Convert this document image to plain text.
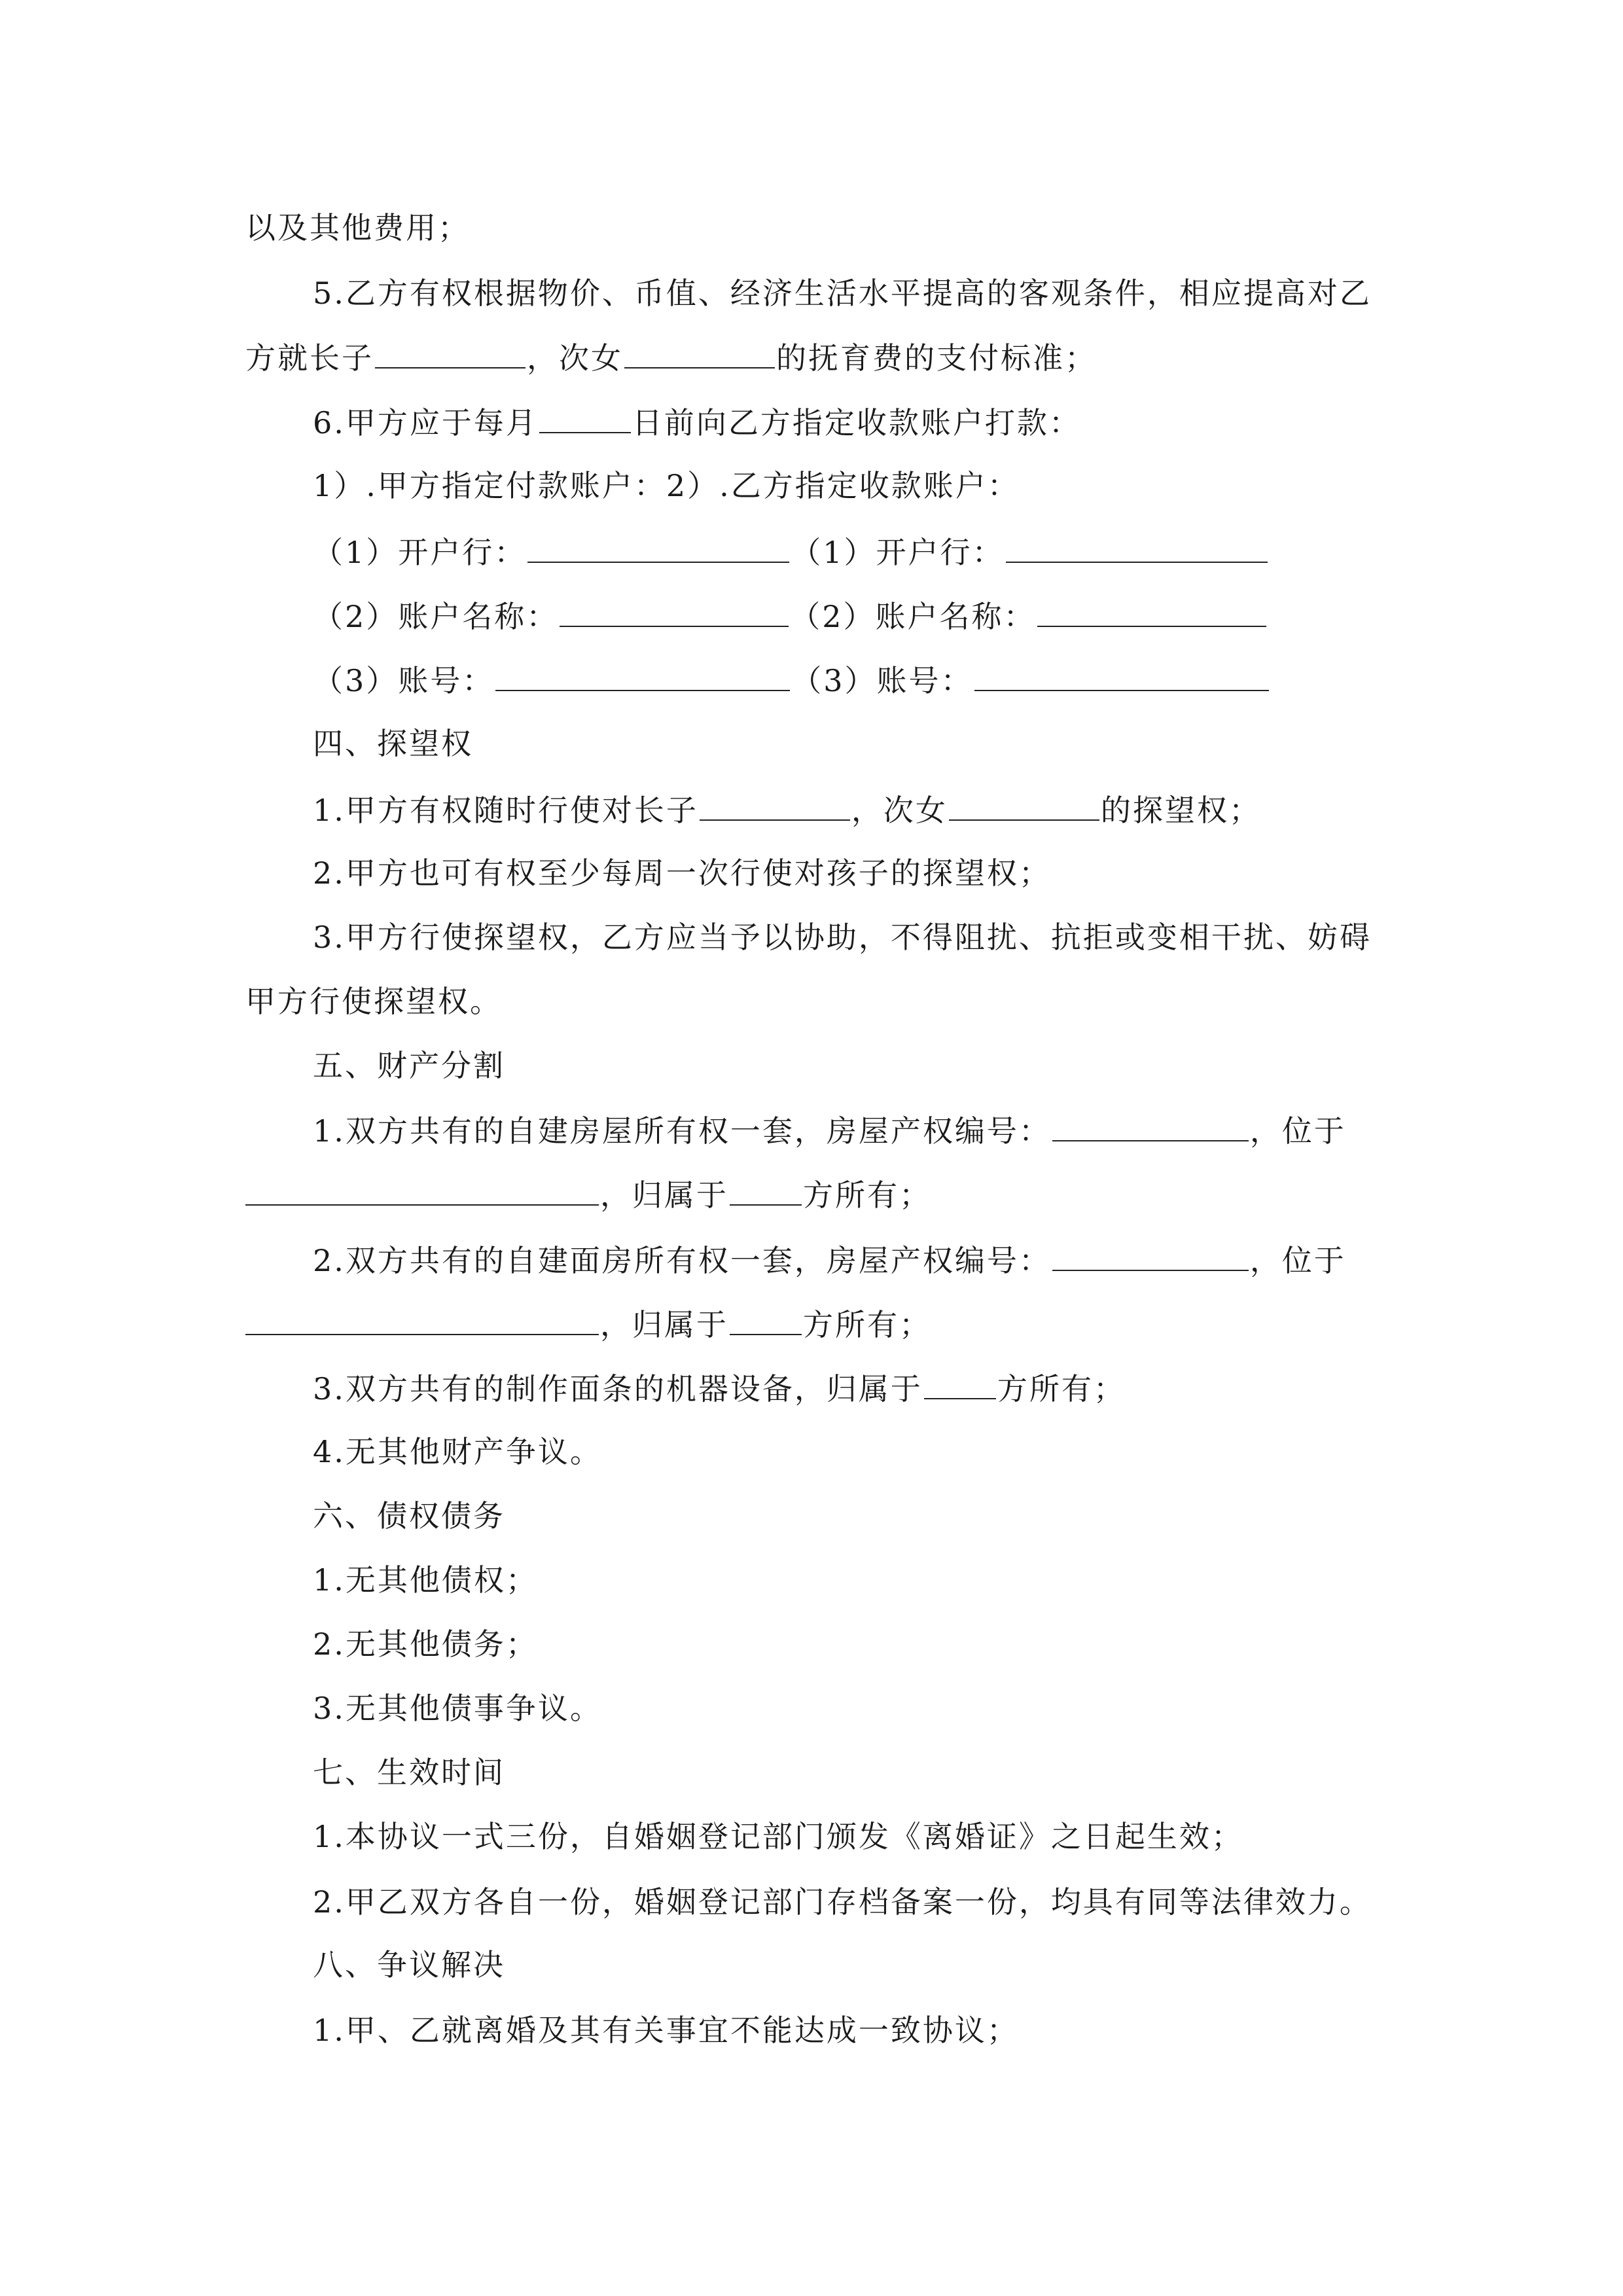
以及其他费用；
5.乙方有权根据物价、币值、经济生活水平提高的客观条件，相应提高对乙
方就长子	，次女	的抚育费的支付标准；
6.甲方应于每月	日前向乙方指定收款账户打款：
1）.甲方指定付款账户：2）.乙方指定收款账户：
（1）开户行：	（1）开户行：
（2）账户名称：	（2）账户名称：
（3）账号：	（3）账号：
四、探望权
1.甲方有权随时行使对长子	，次女	的探望权；
2.甲方也可有权至少每周一次行使对孩子的探望权；
3.甲方行使探望权，乙方应当予以协助，不得阻扰、抗拒或变相干扰、妨碍
甲方行使探望权。
五、财产分割
1.双方共有的自建房屋所有权一套，房屋产权编号：	，位于
，归属于 方所有；
2.双方共有的自建面房所有权一套，房屋产权编号：	，位于
，归属于 方所有；
3.双方共有的制作面条的机器设备，归属于 方所有；
4.无其他财产争议。
六、债权债务
1.无其他债权；
2.无其他债务；
3.无其他债事争议。
七、生效时间
1.本协议一式三份，自婚姻登记部门颁发《离婚证》之日起生效；
2.甲乙双方各自一份，婚姻登记部门存档备案一份，均具有同等法律效力。
八、争议解决
1.甲、乙就离婚及其有关事宜不能达成一致协议；
